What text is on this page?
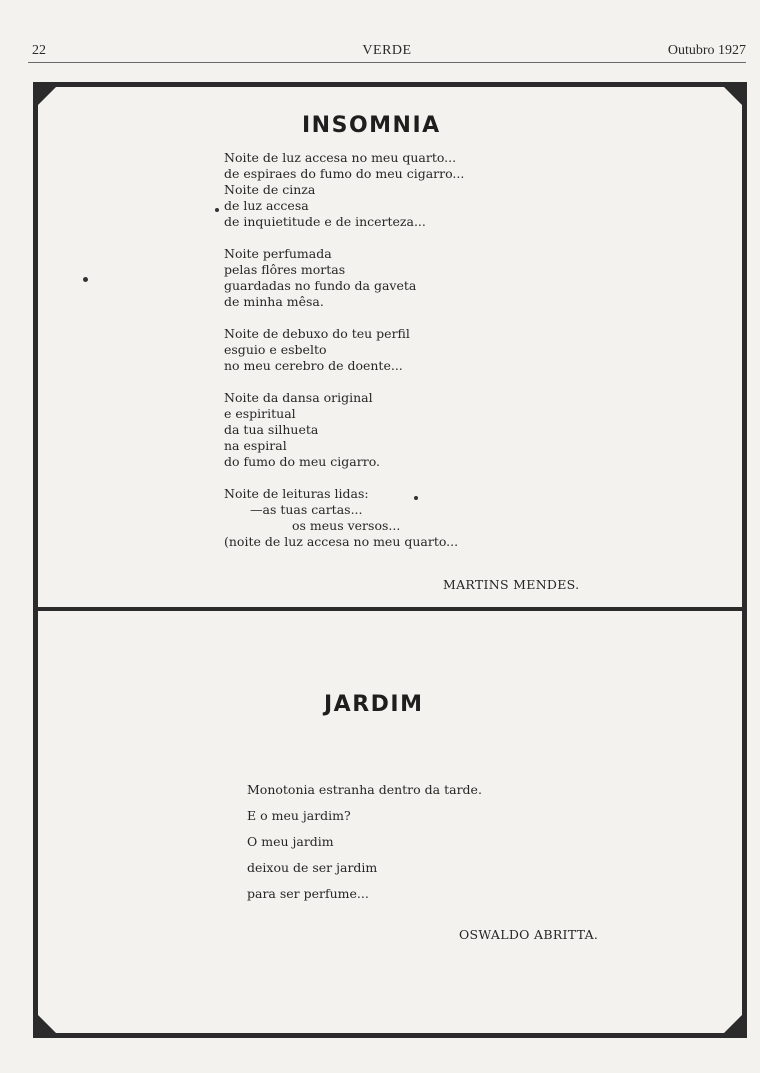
22	VERDE	Outubro 1927
INSOMNIA
Noite de luz accesa no meu quarto...
de espiraes do fumo do meu cigarro...
Noite de cinza
de luz accesa
de inquietitude e de incerteza...
Noite perfumada
pelas flôres mortas
guardadas no fundo da gaveta
de minha mêsa.
Noite de debuxo do teu perfil
esguio e esbelto
no meu cerebro de doente...
Noite da dansa original
e espiritual
da tua silhueta
na espiral
do fumo do meu cigarro.
Noite de leituras lidas:
—as tuas cartas...
os meus versos...
(noite de luz accesa no meu quarto...
MARTINS MENDES.
JARDIM
Monotonia estranha dentro da tarde.
E o meu jardim?
O meu jardim
deixou de ser jardim
para ser perfume...
OSWALDO ABRITTA.
